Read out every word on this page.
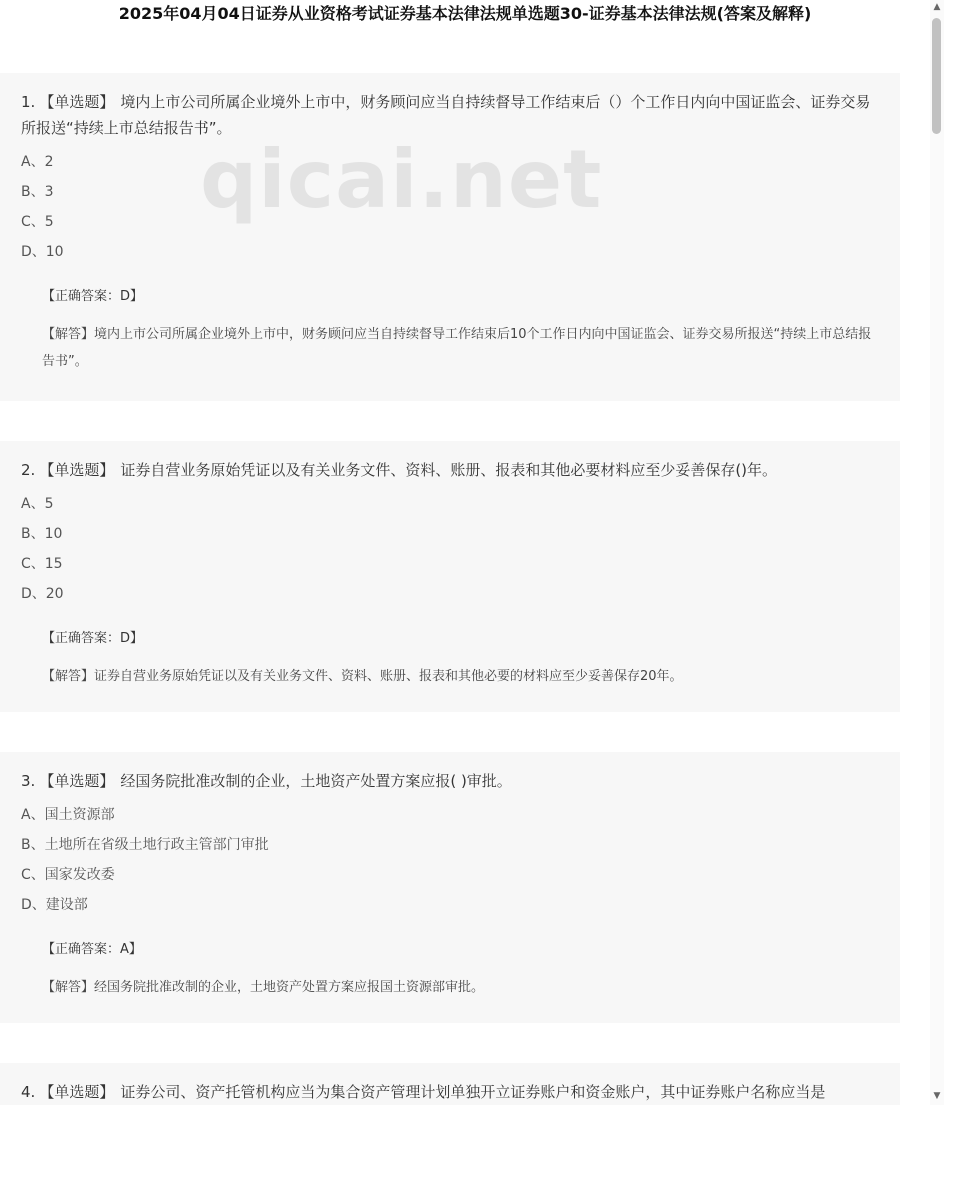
2025年04月04日证券从业资格考试证券基本法律法规单选题30-证券基本法律法规(答案及解释)
1. 【单选题】 境内上市公司所属企业境外上市中，财务顾问应当自持续督导工作结束后（）个工作日内向中国证监会、证券交易所报送“持续上市总结报告书”。
A、2
B、3
C、5
D、10
【正确答案：D】
【解答】境内上市公司所属企业境外上市中，财务顾问应当自持续督导工作结束后10个工作日内向中国证监会、证券交易所报送“持续上市总结报告书”。
2. 【单选题】 证券自营业务原始凭证以及有关业务文件、资料、账册、报表和其他必要材料应至少妥善保存()年。
A、5
B、10
C、15
D、20
【正确答案：D】
【解答】证券自营业务原始凭证以及有关业务文件、资料、账册、报表和其他必要的材料应至少妥善保存20年。
3. 【单选题】 经国务院批准改制的企业，土地资产处置方案应报( )审批。
A、国土资源部
B、土地所在省级土地行政主管部门审批
C、国家发改委
D、建设部
【正确答案：A】
【解答】经国务院批准改制的企业，土地资产处置方案应报国土资源部审批。
4. 【单选题】 证券公司、资产托管机构应当为集合资产管理计划单独开立证券账户和资金账户，其中证券账户名称应当是
▲
▼
